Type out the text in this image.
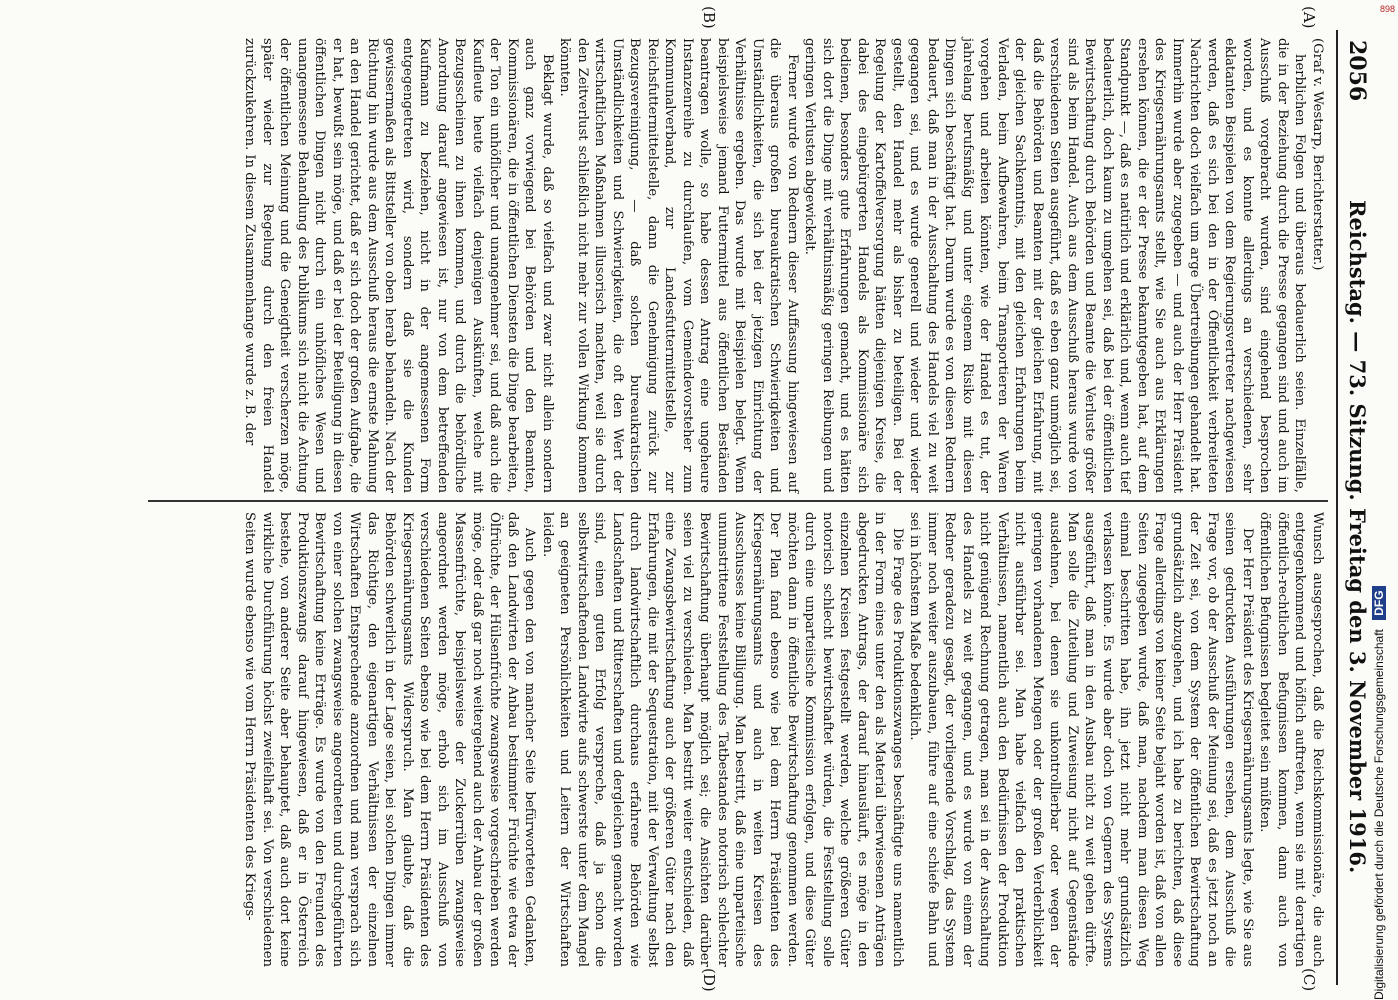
2056
Reichstag. — 73. Sitzung. Freitag den 3. November 1916.
(A)
(B)
(C)
(D)

(Graf v. Westarp, Berichterstatter.)

herblichen Folgen und überaus bedauerlich seien. Einzelfälle, die in der Beziehung durch die Presse gegangen sind und auch im Ausschuß vorgebracht wurden, sind eingehend besprochen worden, und es konnte allerdings an verschiedenen, sehr eklatanten Beispielen von dem Regierungsvertreter nachgewiesen werden, daß es sich bei den in der Öffentlichkeit verbreiteten Nachrichten doch vielfach um arge Übertreibungen gehandelt hat. Immerhin wurde aber zugegeben — und auch der Herr Präsident des Kriegsernährungsamts stellt, wie Sie auch aus Erklärungen ersehen können, die er der Presse bekanntgegeben hat, auf dem Standpunkt —, daß es natürlich und erklärlich und, wenn auch tief bedauerlich, doch kaum zu umgehen sei, daß bei der öffentlichen Bewirtschaftung durch Behörden und Beamte die Verluste größer sind als beim Handel. Auch aus dem Ausschuß heraus wurde von verschiedenen Seiten ausgeführt, daß es eben ganz unmöglich sei, daß die Behörden und Beamten mit der gleichen Erfahrung, mit der gleichen Sachkenntnis, mit den gleichen Erfahrungen beim Verladen, beim Aufbewahren, beim Transportieren der Waren vorgehen und arbeiten könnten, wie der Handel es tut, der jahrelang berufsmäßig und unter eigenem Risiko mit diesen Dingen sich beschäftigt hat. Darum wurde es von diesen Rednern bedauert, daß man in der Ausschaltung des Handels viel zu weit gegangen sei, und es wurde generell und wieder und wieder gestellt, den Handel mehr als bisher zu beteiligen. Bei der Regelung der Kartoffelversorgung hätten diejenigen Kreise, die dabei des eingebürgerten Handels als Kommissionäre sich bedienen, besonders gute Erfahrungen gemacht, und es hätten sich dort die Dinge mit verhältnismäßig geringen Reibungen und geringen Verlusten abgewickelt.

Ferner wurde von Rednern dieser Auffassung hingewiesen auf die überaus großen bureaukratischen Schwierigkeiten und Umständlichkeiten, die sich bei der jetzigen Einrichtung der Verhältnisse ergeben. Das wurde mit Beispielen belegt. Wenn beispielsweise jemand Futtermittel aus öffentlichen Beständen beantragen wolle, so habe dessen Antrag eine ungeheure Instanzenreihe zu durchlaufen, vom Gemeindevorsteher zum Kommunalverband, zur Landesfuttermittelstelle, zur Reichsfuttermittelstelle, dann die Genehmigung zurück zur Bezugsvereinigung, — daß solchen bureaukratischen Umständlichkeiten und Schwierigkeiten, die oft den Wert der wirtschaftlichen Maßnahmen illusorisch machten, weil sie durch den Zeitverlust schließlich nicht mehr zur vollen Wirkung kommen könnten.

Beklagt wurde, daß so vielfach und zwar nicht allein sondern auch ganz vorwiegend bei Behörden und den Beamten, Kommissionären, die in öffentlichen Diensten die Dinge bearbeiten, der Ton ein unhöflicher und unangenehmer sei, und daß auch die Kaufleute heute vielfach denjenigen Auskünften, welche mit Bezugsscheinen zu ihnen kommen, und durch die behördliche Anordnung darauf angewiesen ist, nur von dem betreffenden Kaufmann zu beziehen, nicht in der angemessenen Form entgegengetreten wird, sondern daß sie die Kunden gewissermaßen als Bittsteller von oben herab behandeln. Nach der Richtung hin wurde aus dem Ausschuß heraus die ernste Mahnung an den Handel gerichtet, daß er sich doch der großen Aufgabe, die er hat, bewußt sein möge, und daß er bei der Beteiligung in diesen öffentlichen Dingen nicht durch ein unhöfliches Wesen und unangemessene Behandlung des Publikums sich nicht die Achtung der öffentlichen Meinung und die Geneigtheit verscherzen möge, später wieder zur Regelung durch den freien Handel zurückzukehren. In diesem Zusammenhange wurde z. B. der

Wunsch ausgesprochen, daß die Reichskommissionäre, die auch entgegenkommend und höflich auftreten, wenn sie mit derartigen öffentlich-rechtlichen Befugnissen kommen, dann auch von öffentlichen Befugnissen begleitet sein müßten.

Der Herr Präsident des Kriegsernährungsamts legte, wie Sie aus seinen gedruckten Ausführungen ersehen, dem Ausschuß die Frage vor, ob der Ausschuß der Meinung sei, daß es jetzt noch an der Zeit sei, von dem System der öffentlichen Bewirtschaftung grundsätzlich abzugehen, und ich habe zu berichten, daß diese Frage allerdings von keiner Seite bejaht worden ist, daß von allen Seiten zugegeben wurde, daß man, nachdem man diesen Weg einmal beschritten habe, ihn jetzt nicht mehr grundsätzlich verlassen könne. Es wurde aber doch von Gegnern des Systems ausgeführt, daß man in den Ausbau nicht zu weit gehen dürfte. Man solle die Zuteilung und Zuweisung nicht auf Gegenstände ausdehnen, bei denen sie unkontrollierbar oder wegen der geringen vorhandenen Mengen oder der großen Verderblichkeit nicht ausführbar sei. Man habe vielfach den praktischen Verhältnissen, namentlich auch den Bedürfnissen der Produktion nicht genügend Rechnung getragen, man sei in der Ausschaltung des Handels zu weit gegangen, und es wurde von einem der Redner geradezu gesagt, der vorliegende Vorschlag, das System immer noch weiter auszubauen, führe auf eine schiefe Bahn und sei in höchstem Maße bedenklich.

Die Frage des Produktionszwanges beschäftigte uns namentlich in der Form eines unter den als Material überwiesenen Anträgen abgedruckten Antrags, der darauf hinausläuft, es möge in den einzelnen Kreisen festgestellt werden, welche größeren Güter notorisch schlecht bewirtschaftet würden, die Feststellung solle durch eine unparteiische Kommission erfolgen, und diese Güter möchten dann in öffentliche Bewirtschaftung genommen werden. Der Plan fand ebenso wie bei dem Herrn Präsidenten des Kriegsernährungsamts und auch in weiten Kreisen des Ausschusses keine Billigung. Man bestritt, daß eine unparteiische unumstrittene Feststellung des Tatbestandes notorisch schlechter Bewirtschaftung überhaupt möglich sei; die Ansichten darüber seien viel zu verschieden. Man bestritt weiter entschieden, daß eine Zwangsbewirtschaftung auch der größeren Güter nach den Erfahrungen, die mit der Sequestration, mit der Verwaltung selbst durch landwirtschaftlich durchaus erfahrene Behörden wie Landschaften und Ritterschaften und dergleichen gemacht worden sind, einen guten Erfolg verspreche, daß ja schon die selbstwirtschaftenden Landwirte aufs schwerste unter dem Mangel an geeigneten Persönlichkeiten und Leitern der Wirtschaften leiden.

Auch gegen den von mancher Seite befürworteten Gedanken, daß den Landwirten der Anbau bestimmter Früchte wie etwa der Ölfrüchte, der Hülsenfrüchte zwangsweise vorgeschrieben werden möge, oder daß gar noch weitergehend auch der Anbau der großen Massenfrüchte, beispielsweise der Zuckerrüben zwangsweise angeordnet werden möge, erhob sich im Ausschuß von verschiedenen Seiten ebenso wie bei dem Herrn Präsidenten des Kriegsernährungsamts Widerspruch. Man glaubte, daß die Behörden schwerlich in der Lage seien, bei solchen Dingen immer das Richtige, den eigenartigen Verhältnissen der einzelnen Wirtschaften Entsprechende anzuordnen und man versprach sich von einer solchen zwangsweise angeordneten und durchgeführten Bewirtschaftung keine Erträge. Es wurde von den Freunden des Produktionszwangs darauf hingewiesen, daß er in Österreich bestehe, von anderer Seite aber behauptet, daß auch dort keine wirkliche Durchführung höchst zweifelhaft sei. Von verschiedenen Seiten wurde ebenso wie vom Herrn Präsidenten des Kriegs-	Digitalisierung gefördert durch die Deutsche Forschungsgemeinschaft DFG
898
